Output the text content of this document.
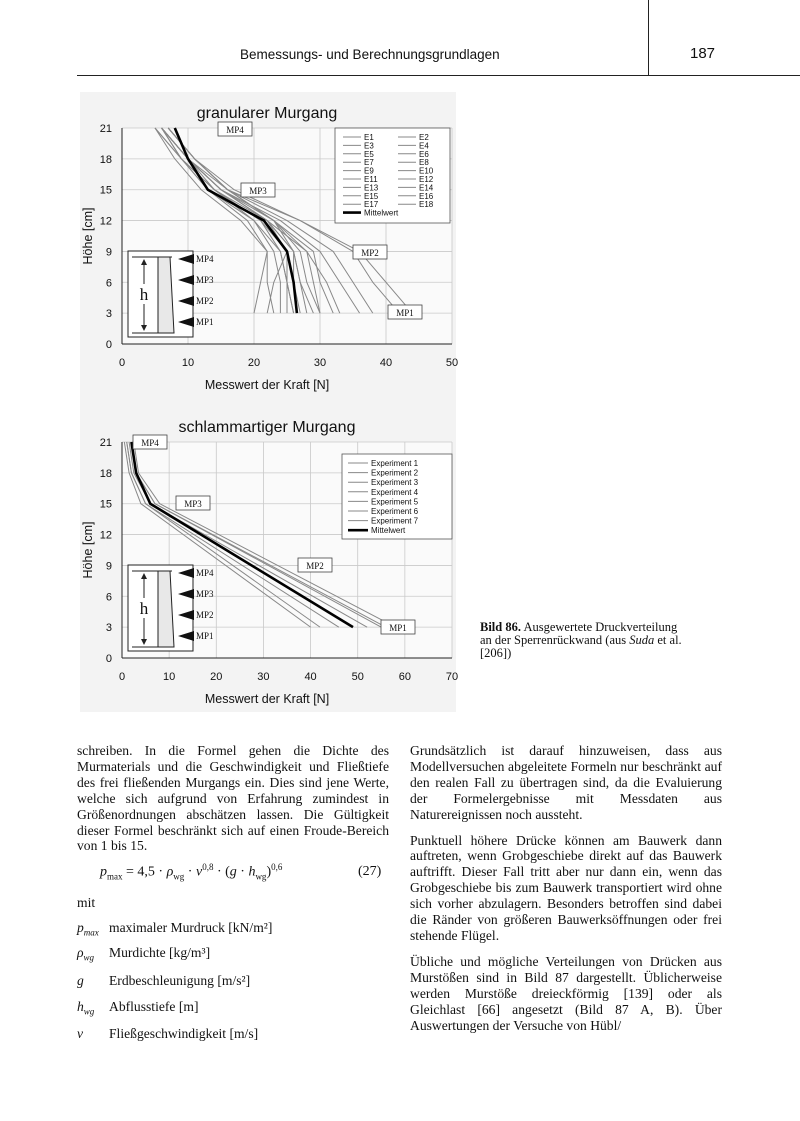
Bemessungs- und Berechnungsgrundlagen	187
0	10	20	30	40	50
0
3
6
9
12
15
18
21
granularer Murgang
Messwert der Kraft [N]
Höhe [cm]
E1	E2
E3	E4
E5	E6
E7	E8
E9	E10
E11	E12
E13	E14
E15	E16
E17	E18
Mittelwert
MP4
MP3
MP2
MP1
h
MP4
MP3
MP2
MP1
0	10	20	30	40	50	60	70
0
3
6
9
12
15
18
21
schlammartiger Murgang
Messwert der Kraft [N]
Höhe [cm]
Experiment 1
Experiment 2
Experiment 3
Experiment 4
Experiment 5
Experiment 6
Experiment 7
Mittelwert
MP4
MP3
MP2
MP1
h
MP4
MP3
MP2
MP1
Bild 86. Ausgewertete Druckverteilung an der Sperrenrückwand (aus Suda et al. [206])

schreiben. In die Formel gehen die Dichte des Murmaterials und die Geschwindigkeit und Fließtiefe des frei fließenden Murgangs ein. Dies sind jene Werte, welche sich aufgrund von Erfahrung zumindest in Größenordnungen abschätzen lassen. Die Gültigkeit dieser Formel beschränkt sich auf einen Froude-Bereich von 1 bis 15.

$p_{max} = 4,5 \cdot \rho_{wg} \cdot v^{0,8} \cdot (g \cdot h_{wg})^{0,6}$	(27)
mit
$p_{max}$ maximaler Murdruck [kN/m²]
$\rho_{wg}$ Murdichte [kg/m³]
g Erdbeschleunigung [m/s²]
$h_{wg}$ Abflusstiefe [m]
v Fließgeschwindigkeit [m/s]

Grundsätzlich ist darauf hinzuweisen, dass aus Modellversuchen abgeleitete Formeln nur beschränkt auf den realen Fall zu übertragen sind, da die Evaluierung der Formelergebnisse mit Messdaten aus Naturereignissen noch aussteht.

Punktuell höhere Drücke können am Bauwerk dann auftreten, wenn Grobgeschiebe direkt auf das Bauwerk auftrifft. Dieser Fall tritt aber nur dann ein, wenn das Grobgeschiebe bis zum Bauwerk transportiert wird ohne sich vorher abzulagern. Besonders betroffen sind dabei die Ränder von größeren Bauwerksöffnungen oder frei stehende Flügel.

Übliche und mögliche Verteilungen von Drücken aus Murstößen sind in Bild 87 dargestellt. Üblicherweise werden Murstöße dreieckförmig [139] oder als Gleichlast [66] angesetzt (Bild 87 A, B). Über Auswertungen der Versuche von Hübl/
